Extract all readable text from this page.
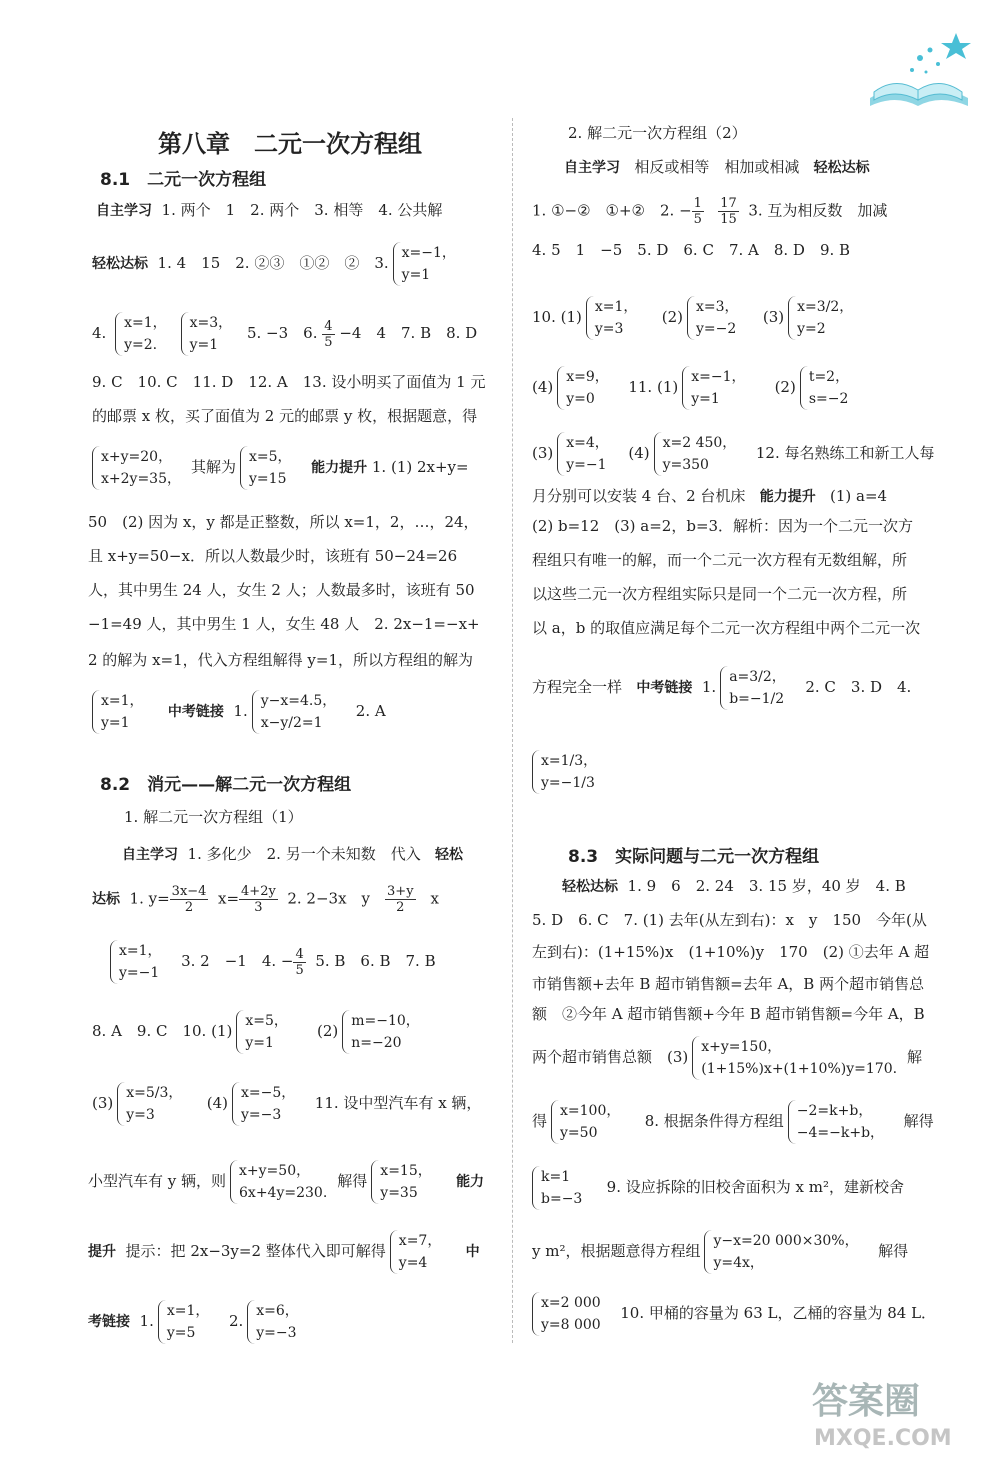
第八章　二元一次方程组
8.1　二元一次方程组
自主学习 1. 两个　1　2. 两个　3. 相等　4. 公共解
轻松达标 1. 4　15　2. ②③　①②　②　3.
x=−1，
y=1
4.
x=1，
y=2.
x=3，
y=1
5. −3　6. $\frac{4}{5} -4$　4　7. B　8. D
9. C　10. C　11. D　12. A　13. 设小明买了面值为 1 元
的邮票 x 枚，买了面值为 2 元的邮票 y 枚，根据题意，得
x+y=20，
x+2y=35，
其解为
x=5，
y=15
能力提升 1. (1) 2x+y=
50　(2) 因为 x，y 都是正整数，所以 x=1，2，…，24，
且 x+y=50−x．所以人数最少时，该班有 50−24=26
人，其中男生 24 人，女生 2 人；人数最多时，该班有 50
−1=49 人，其中男生 1 人，女生 48 人　2. 2x−1=−x+
2 的解为 x=1，代入方程组解得 y=1，所以方程组的解为
x=1，
y=1
中考链接 1.
y−x=4.5，
x−y/2=1
2. A
8.2　消元——解二元一次方程组
1. 解二元一次方程组（1）
自主学习 1. 多化少　2. 另一个未知数　代入 轻松
达标 1. $y= \frac{3x-4}{2} x= \frac{4+2y}{3} 2$. 2−3x　y　 $\frac{3+y}{2}$ 　x
x=1，
y=−1
3. 2　−1　4. − $\frac{4}{5} 5$. B　6. B　7. B
8. A　9. C　10. (1)
x=5，
y=1
(2)
m=−10，
n=−20
(3)
x=5/3，
y=3
(4)
x=−5，
y=−3
11. 设中型汽车有 x 辆，
小型汽车有 y 辆，则
x+y=50，
6x+4y=230.
解得
x=15，
y=35
能力
提升 提示：把 2x−3y=2 整体代入即可解得
x=7，
y=4
中
考链接 1.
x=1，
y=5
2.
x=6，
y=−3
2. 解二元一次方程组（2）
自主学习 相反或相等　相加或相减 轻松达标
1. ①−②　①+②　2. − $\frac{1}{5}$
$\frac{17}{15} 3$. 互为相反数　加减
4. 5　1　−5　5. D　6. C　7. A　8. D　9. B
10. (1)
x=1，
y=3
(2)
x=3，
y=−2
(3)
x=3/2，
y=2
(4)
x=9，
y=0
11. (1)
x=−1，
y=1
(2)
t=2，
s=−2
(3)
x=4，
y=−1
(4)
x=2 450，
y=350
12. 每名熟练工和新工人每
月分别可以安装 4 台、2 台机床 能力提升 (1) a=4
(2) b=12　(3) a=2，b=3．解析：因为一个二元一次方
程组只有唯一的解，而一个二元一次方程有无数组解，所
以这些二元一次方程组实际只是同一个二元一次方程，所
以 a，b 的取值应满足每个二元一次方程组中两个二元一次
方程完全一样 中考链接 1.
a=3/2，
b=−1/2
2. C　3. D　4.
x=1/3，
y=−1/3
8.3　实际问题与二元一次方程组
轻松达标 1. 9　6　2. 24　3. 15 岁，40 岁　4. B
5. D　6. C　7. (1) 去年(从左到右)：x　y　150　今年(从
左到右)：(1+15%)x　(1+10%)y　170　(2) ①去年 A 超
市销售额+去年 B 超市销售额=去年 A，B 两个超市销售总
额　②今年 A 超市销售额+今年 B 超市销售额=今年 A，B
两个超市销售总额　(3)
x+y=150，
(1+15%)x+(1+10%)y=170.
解
得
x=100，
y=50
8. 根据条件得方程组
−2=k+b，
−4=−k+b，
解得
k=1
b=−3
9. 设应拆除的旧校舍面积为 x m²，建新校舍
y m²，根据题意得方程组
y−x=20 000×30%，
y=4x，
解得
x=2 000
y=8 000
10. 甲桶的容量为 63 L，乙桶的容量为 84 L．
答案圈
MXQE.COM
